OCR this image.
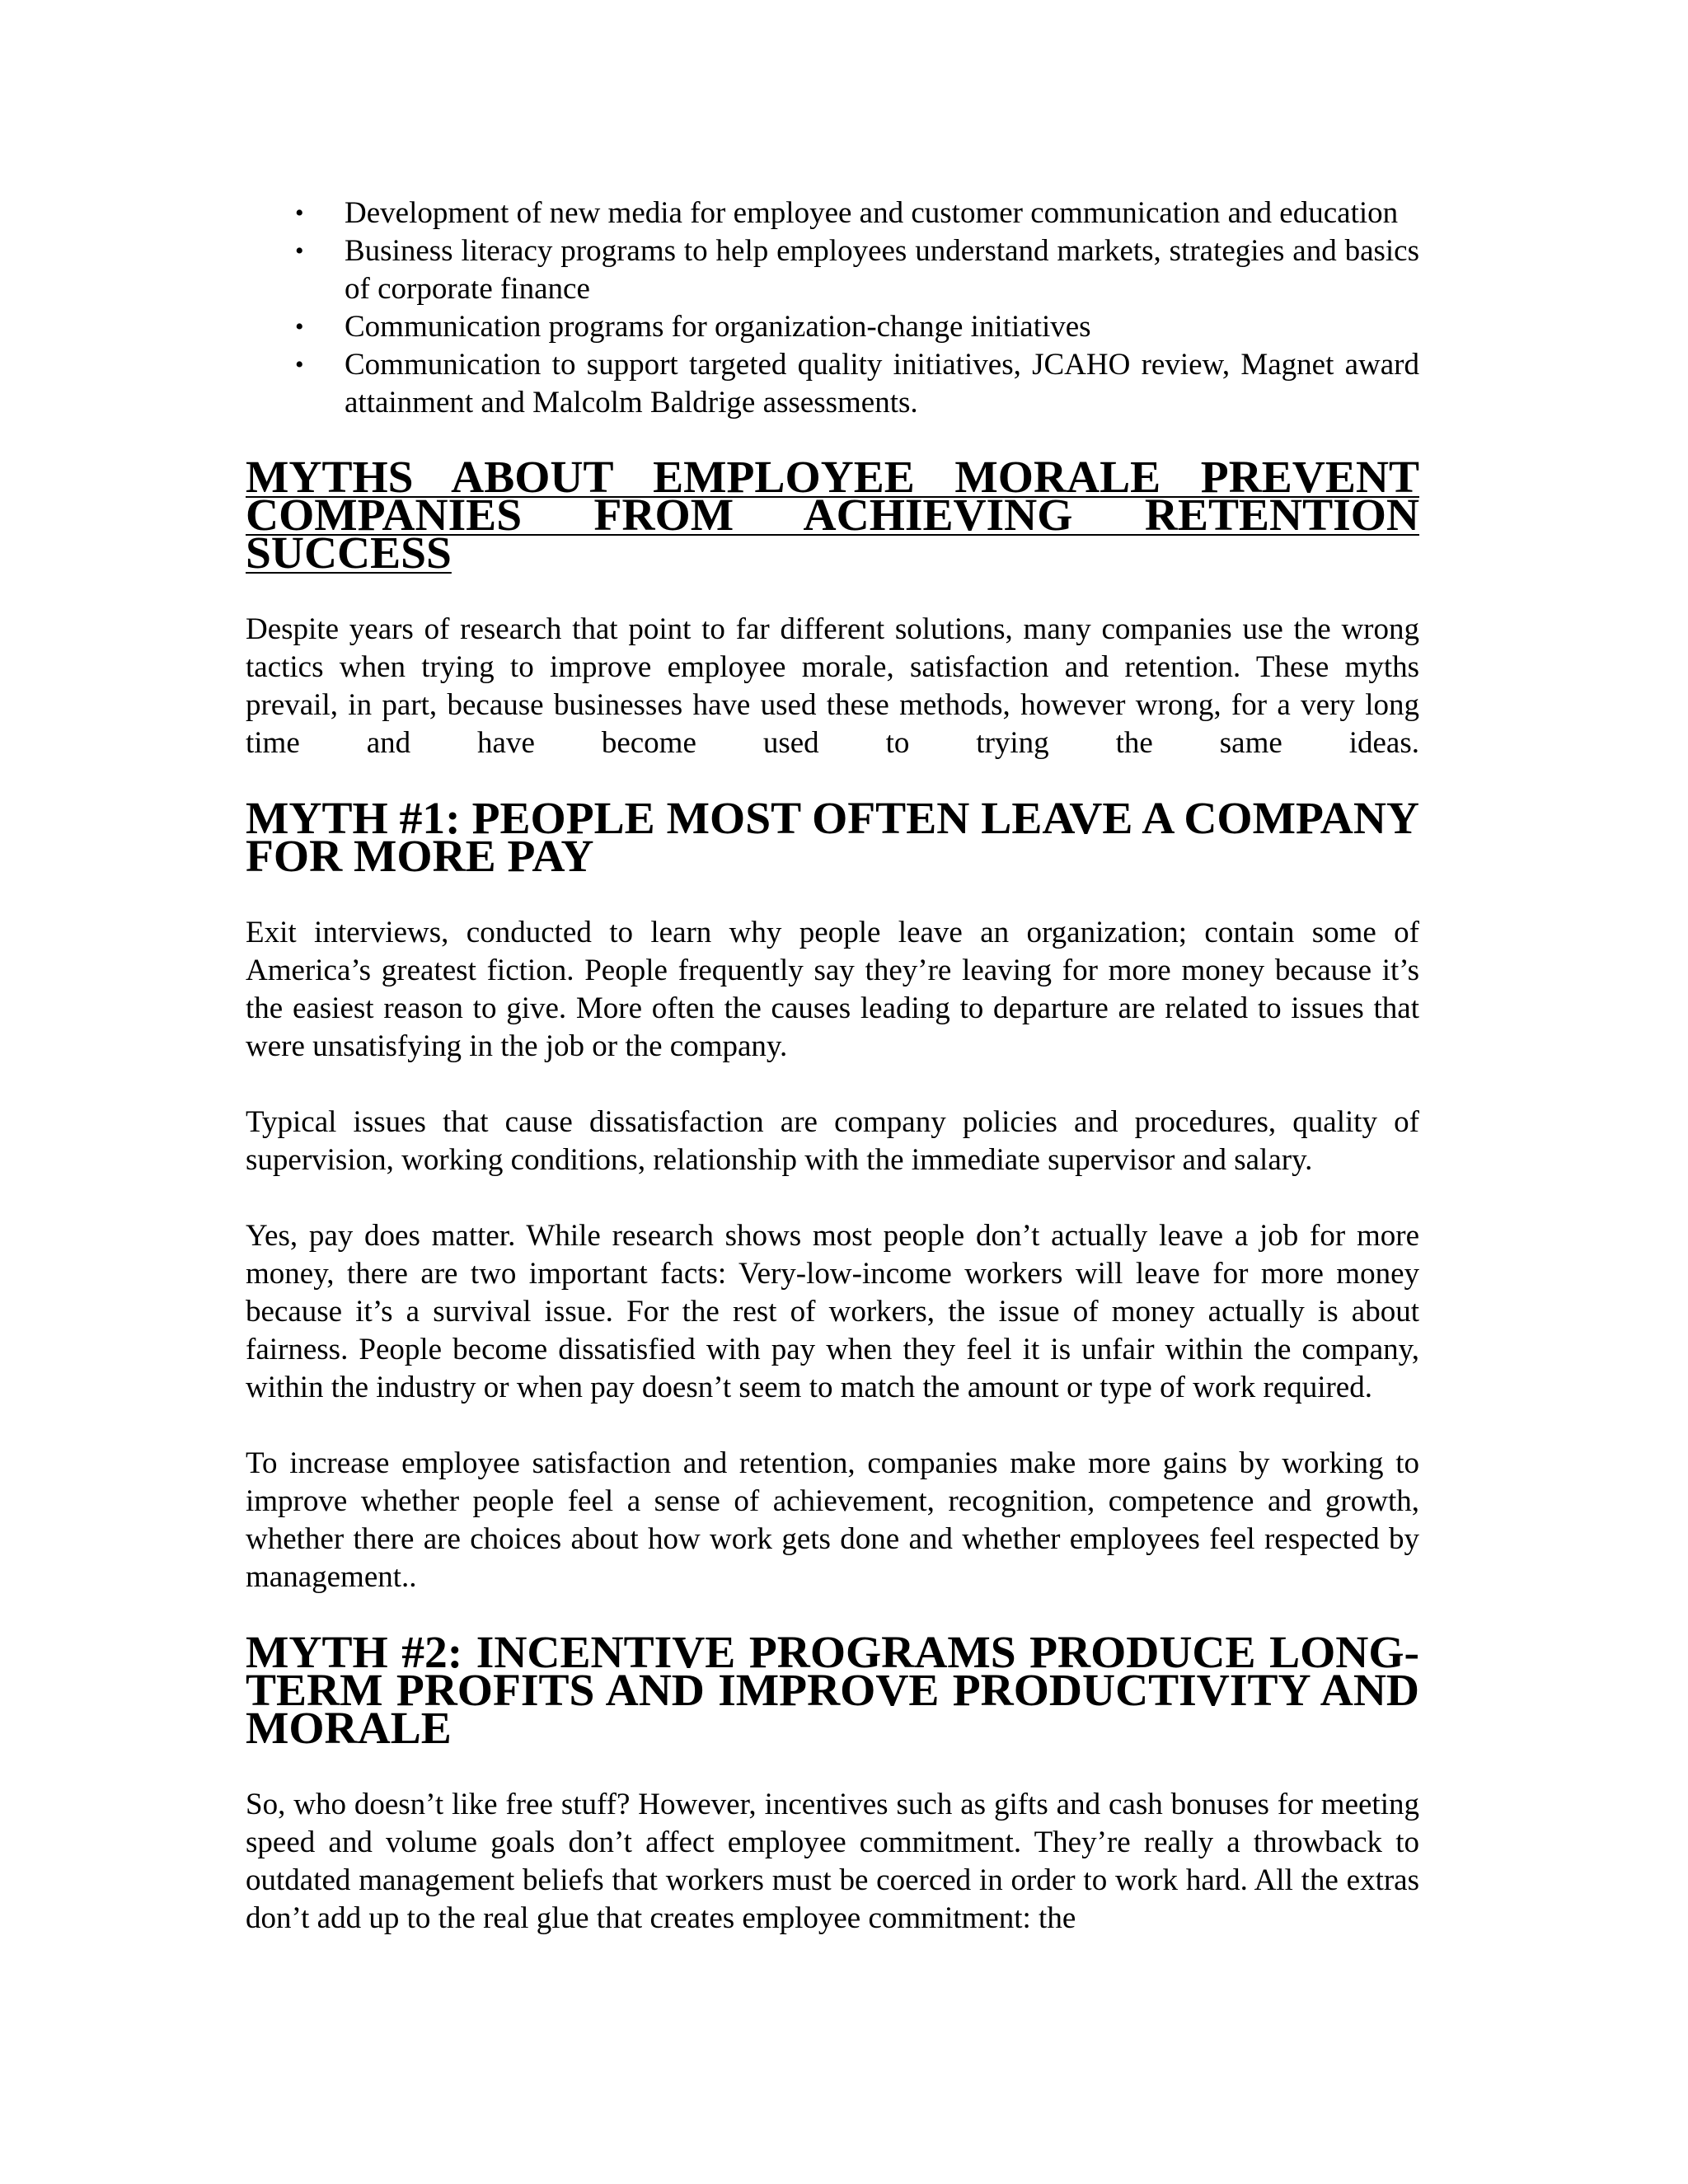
• Development of new media for employee and customer communication and education
• Business literacy programs to help employees understand markets, strategies and basics of corporate finance
• Communication programs for organization-change initiatives
• Communication to support targeted quality initiatives, JCAHO review, Magnet award attainment and Malcolm Baldrige assessments.
MYTHS ABOUT EMPLOYEE MORALE PREVENT COMPANIES FROM ACHIEVING RETENTION SUCCESS

Despite years of research that point to far different solutions, many companies use the wrong tactics when trying to improve employee morale, satisfaction and retention. These myths prevail, in part, because businesses have used these methods, however wrong, for a very long time and have become used to trying the same ideas.

MYTH #1: PEOPLE MOST OFTEN LEAVE A COMPANY FOR MORE PAY

Exit interviews, conducted to learn why people leave an organization; contain some of America’s greatest fiction. People frequently say they’re leaving for more money because it’s the easiest reason to give. More often the causes leading to departure are related to issues that were unsatisfying in the job or the company.

Typical issues that cause dissatisfaction are company policies and procedures, quality of supervision, working conditions, relationship with the immediate supervisor and salary.

Yes, pay does matter. While research shows most people don’t actually leave a job for more money, there are two important facts: Very-low-income workers will leave for more money because it’s a survival issue. For the rest of workers, the issue of money actually is about fairness. People become dissatisfied with pay when they feel it is unfair within the company, within the industry or when pay doesn’t seem to match the amount or type of work required.

To increase employee satisfaction and retention, companies make more gains by working to improve whether people feel a sense of achievement, recognition, competence and growth, whether there are choices about how work gets done and whether employees feel respected by management..

MYTH #2: INCENTIVE PROGRAMS PRODUCE LONG-TERM PROFITS AND IMPROVE PRODUCTIVITY AND MORALE

So, who doesn’t like free stuff? However, incentives such as gifts and cash bonuses for meeting speed and volume goals don’t affect employee commitment. They’re really a throwback to outdated management beliefs that workers must be coerced in order to work hard. All the extras don’t add up to the real glue that creates employee commitment: the
